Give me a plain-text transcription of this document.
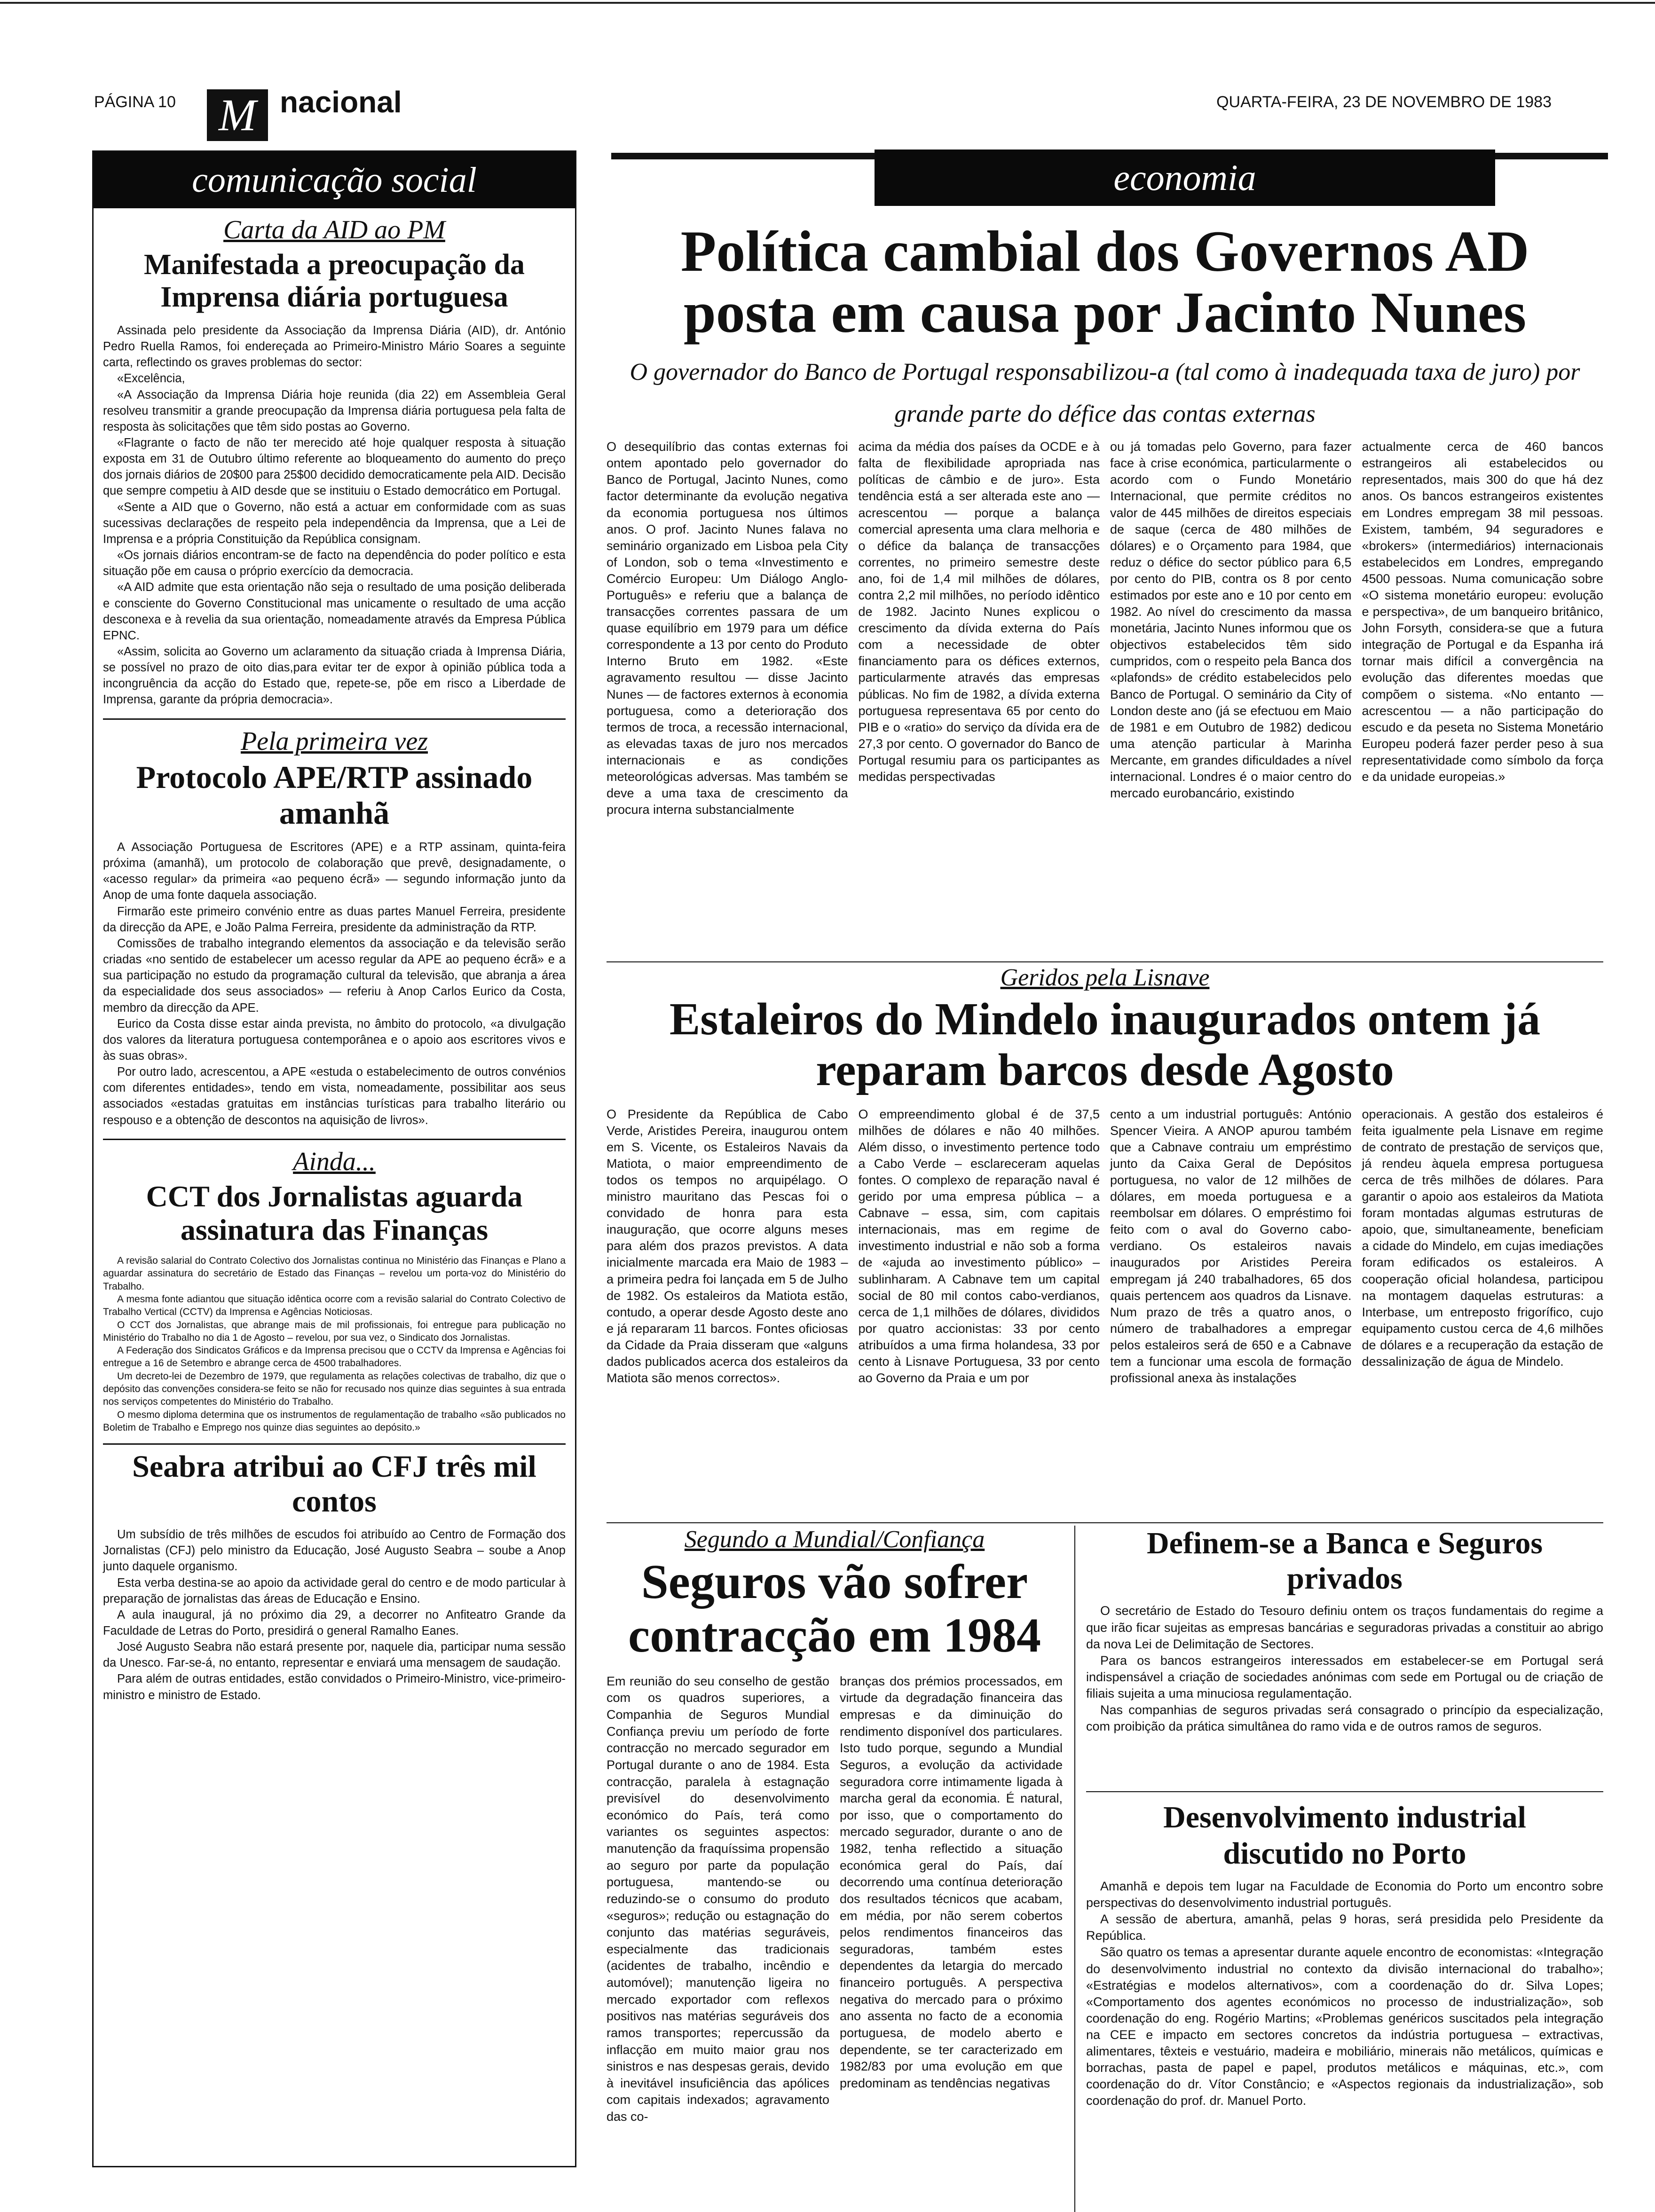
PÁGINA 10 M nacional	QUARTA-FEIRA, 23 DE NOVEMBRO DE 1983
comunicação social
Carta da AID ao PM
Manifestada a preocupação da Imprensa diária portuguesa

Assinada pelo presidente da Associação da Imprensa Diária (AID), dr. António Pedro Ruella Ramos, foi endereçada ao Primeiro-Ministro Mário Soares a seguinte carta, reflectindo os graves problemas do sector:

«Excelência,

«A Associação da Imprensa Diária hoje reunida (dia 22) em Assembleia Geral resolveu transmitir a grande preocupação da Imprensa diária portuguesa pela falta de resposta às solicitações que têm sido postas ao Governo.

«Flagrante o facto de não ter merecido até hoje qualquer resposta à situação exposta em 31 de Outubro último referente ao bloqueamento do aumento do preço dos jornais diários de 20$00 para 25$00 decidido democraticamente pela AID. Decisão que sempre competiu à AID desde que se instituiu o Estado democrático em Portugal.

«Sente a AID que o Governo, não está a actuar em conformidade com as suas sucessivas declarações de respeito pela independência da Imprensa, que a Lei de Imprensa e a própria Constituição da República consignam.

«Os jornais diários encontram-se de facto na dependência do poder político e esta situação põe em causa o próprio exercício da democracia.

«A AID admite que esta orientação não seja o resultado de uma posição deliberada e consciente do Governo Constitucional mas unicamente o resultado de uma acção desconexa e à revelia da sua orientação, nomeadamente através da Empresa Pública EPNC.

«Assim, solicita ao Governo um aclaramento da situação criada à Imprensa Diária, se possível no prazo de oito dias,para evitar ter de expor à opinião pública toda a incongruência da acção do Estado que, repete-se, põe em risco a Liberdade de Imprensa, garante da própria democracia».

Pela primeira vez
Protocolo APE/RTP assinado amanhã

A Associação Portuguesa de Escritores (APE) e a RTP assinam, quinta-feira próxima (amanhã), um protocolo de colaboração que prevê, designadamente, o «acesso regular» da primeira «ao pequeno écrã» — segundo informação junto da Anop de uma fonte daquela associação.

Firmarão este primeiro convénio entre as duas partes Manuel Ferreira, presidente da direcção da APE, e João Palma Ferreira, presidente da administração da RTP.

Comissões de trabalho integrando elementos da associação e da televisão serão criadas «no sentido de estabelecer um acesso regular da APE ao pequeno écrã» e a sua participação no estudo da programação cultural da televisão, que abranja a área da especialidade dos seus associados» — referiu à Anop Carlos Eurico da Costa, membro da direcção da APE.

Eurico da Costa disse estar ainda prevista, no âmbito do protocolo, «a divulgação dos valores da literatura portuguesa contemporânea e o apoio aos escritores vivos e às suas obras».

Por outro lado, acrescentou, a APE «estuda o estabelecimento de outros convénios com diferentes entidades», tendo em vista, nomeadamente, possibilitar aos seus associados «estadas gratuitas em instâncias turísticas para trabalho literário ou respouso e a obtenção de descontos na aquisição de livros».

Ainda...
CCT dos Jornalistas aguarda assinatura das Finanças

A revisão salarial do Contrato Colectivo dos Jornalistas continua no Ministério das Finanças e Plano a aguardar assinatura do secretário de Estado das Finanças – revelou um porta-voz do Ministério do Trabalho.

A mesma fonte adiantou que situação idêntica ocorre com a revisão salarial do Contrato Colectivo de Trabalho Vertical (CCTV) da Imprensa e Agências Noticiosas.

O CCT dos Jornalistas, que abrange mais de mil profissionais, foi entregue para publicação no Ministério do Trabalho no dia 1 de Agosto – revelou, por sua vez, o Sindicato dos Jornalistas.

A Federação dos Sindicatos Gráficos e da Imprensa precisou que o CCTV da Imprensa e Agências foi entregue a 16 de Setembro e abrange cerca de 4500 trabalhadores.

Um decreto-lei de Dezembro de 1979, que regulamenta as relações colectivas de trabalho, diz que o depósito das convenções considera-se feito se não for recusado nos quinze dias seguintes à sua entrada nos serviços competentes do Ministério do Trabalho.

O mesmo diploma determina que os instrumentos de regulamentação de trabalho «são publicados no Boletim de Trabalho e Emprego nos quinze dias seguintes ao depósito.»

Seabra atribui ao CFJ três mil contos

Um subsídio de três milhões de escudos foi atribuído ao Centro de Formação dos Jornalistas (CFJ) pelo ministro da Educação, José Augusto Seabra – soube a Anop junto daquele organismo.

Esta verba destina-se ao apoio da actividade geral do centro e de modo particular à preparação de jornalistas das áreas de Educação e Ensino.

A aula inaugural, já no próximo dia 29, a decorrer no Anfiteatro Grande da Faculdade de Letras do Porto, presidirá o general Ramalho Eanes.

José Augusto Seabra não estará presente por, naquele dia, participar numa sessão da Unesco. Far-se-á, no entanto, representar e enviará uma mensagem de saudação.

Para além de outras entidades, estão convidados o Primeiro-Ministro, vice-primeiro-ministro e ministro de Estado.

economia
Política cambial dos Governos AD posta em causa por Jacinto Nunes
O governador do Banco de Portugal responsabilizou-a (tal como à inadequada taxa de juro) por grande parte do défice das contas externas
O desequilíbrio das contas externas foi ontem apontado pelo governador do Banco de Portugal, Jacinto Nunes, como factor determinante da evolução negativa da economia portuguesa nos últimos anos. O prof. Jacinto Nunes falava no seminário organizado em Lisboa pela City of London, sob o tema «Investimento e Comércio Europeu: Um Diálogo Anglo-Português» e referiu que a balança de transacções correntes passara de um quase equilíbrio em 1979 para um défice correspondente a 13 por cento do Produto Interno Bruto em 1982. «Este agravamento resultou — disse Jacinto Nunes — de factores externos à economia portuguesa, como a deterioração dos termos de troca, a recessão internacional, as elevadas taxas de juro nos mercados internacionais e as condições meteorológicas adversas. Mas também se deve a uma taxa de crescimento da procura interna substancialmente
acima da média dos países da OCDE e à falta de flexibilidade apropriada nas políticas de câmbio e de juro». Esta tendência está a ser alterada este ano — acrescentou — porque a balança comercial apresenta uma clara melhoria e o défice da balança de transacções correntes, no primeiro semestre deste ano, foi de 1,4 mil milhões de dólares, contra 2,2 mil milhões, no período idêntico de 1982. Jacinto Nunes explicou o crescimento da dívida externa do País com a necessidade de obter financiamento para os défices externos, particularmente através das empresas públicas. No fim de 1982, a dívida externa portuguesa representava 65 por cento do PIB e o «ratio» do serviço da dívida era de 27,3 por cento. O governador do Banco de Portugal resumiu para os participantes as medidas perspectivadas
ou já tomadas pelo Governo, para fazer face à crise económica, particularmente o acordo com o Fundo Monetário Internacional, que permite créditos no valor de 445 milhões de direitos especiais de saque (cerca de 480 milhões de dólares) e o Orçamento para 1984, que reduz o défice do sector público para 6,5 por cento do PIB, contra os 8 por cento estimados por este ano e 10 por cento em 1982. Ao nível do crescimento da massa monetária, Jacinto Nunes informou que os objectivos estabelecidos têm sido cumpridos, com o respeito pela Banca dos «plafonds» de crédito estabelecidos pelo Banco de Portugal. O seminário da City of London deste ano (já se efectuou em Maio de 1981 e em Outubro de 1982) dedicou uma atenção particular à Marinha Mercante, em grandes dificuldades a nível internacional. Londres é o maior centro do mercado eurobancário, existindo
actualmente cerca de 460 bancos estrangeiros ali estabelecidos ou representados, mais 300 do que há dez anos. Os bancos estrangeiros existentes em Londres empregam 38 mil pessoas. Existem, também, 94 seguradores e «brokers» (intermediários) internacionais estabelecidos em Londres, empregando 4500 pessoas. Numa comunicação sobre «O sistema monetário europeu: evolução e perspectiva», de um banqueiro britânico, John Forsyth, considera-se que a futura integração de Portugal e da Espanha irá tornar mais difícil a convergência na evolução das diferentes moedas que compõem o sistema. «No entanto — acrescentou — a não participação do escudo e da peseta no Sistema Monetário Europeu poderá fazer perder peso à sua representatividade como símbolo da força e da unidade europeias.»
Geridos pela Lisnave
Estaleiros do Mindelo inaugurados ontem já reparam barcos desde Agosto
O Presidente da República de Cabo Verde, Aristides Pereira, inaugurou ontem em S. Vicente, os Estaleiros Navais da Matiota, o maior empreendimento de todos os tempos no arquipélago. O ministro mauritano das Pescas foi o convidado de honra para esta inauguração, que ocorre alguns meses para além dos prazos previstos. A data inicialmente marcada era Maio de 1983 – a primeira pedra foi lançada em 5 de Julho de 1982. Os estaleiros da Matiota estão, contudo, a operar desde Agosto deste ano e já repararam 11 barcos. Fontes oficiosas da Cidade da Praia disseram que «alguns dados publicados acerca dos estaleiros da Matiota são menos correctos».
O empreendimento global é de 37,5 milhões de dólares e não 40 milhões. Além disso, o investimento pertence todo a Cabo Verde – esclareceram aquelas fontes. O complexo de reparação naval é gerido por uma empresa pública – a Cabnave – essa, sim, com capitais internacionais, mas em regime de investimento industrial e não sob a forma de «ajuda ao investimento público» – sublinharam. A Cabnave tem um capital social de 80 mil contos cabo-verdianos, cerca de 1,1 milhões de dólares, divididos por quatro accionistas: 33 por cento atribuídos a uma firma holandesa, 33 por cento à Lisnave Portuguesa, 33 por cento ao Governo da Praia e um por
cento a um industrial português: António Spencer Vieira. A ANOP apurou também que a Cabnave contraiu um empréstimo junto da Caixa Geral de Depósitos portuguesa, no valor de 12 milhões de dólares, em moeda portuguesa e a reembolsar em dólares. O empréstimo foi feito com o aval do Governo cabo-verdiano. Os estaleiros navais inaugurados por Aristides Pereira empregam já 240 trabalhadores, 65 dos quais pertencem aos quadros da Lisnave. Num prazo de três a quatro anos, o número de trabalhadores a empregar pelos estaleiros será de 650 e a Cabnave tem a funcionar uma escola de formação profissional anexa às instalações
operacionais. A gestão dos estaleiros é feita igualmente pela Lisnave em regime de contrato de prestação de serviços que, já rendeu àquela empresa portuguesa cerca de três milhões de dólares. Para garantir o apoio aos estaleiros da Matiota foram montadas algumas estruturas de apoio, que, simultaneamente, beneficiam a cidade do Mindelo, em cujas imediações foram edificados os estaleiros. A cooperação oficial holandesa, participou na montagem daquelas estruturas: a Interbase, um entreposto frigorífico, cujo equipamento custou cerca de 4,6 milhões de dólares e a recuperação da estação de dessalinização de água de Mindelo.
Segundo a Mundial/Confiança
Seguros vão sofrer contracção em 1984
Em reunião do seu conselho de gestão com os quadros superiores, a Companhia de Seguros Mundial Confiança previu um período de forte contracção no mercado segurador em Portugal durante o ano de 1984. Esta contracção, paralela à estagnação previsível do desenvolvimento económico do País, terá como variantes os seguintes aspectos: manutenção da fraquíssima propensão ao seguro por parte da população portuguesa, mantendo-se ou reduzindo-se o consumo do produto «seguros»; redução ou estagnação do conjunto das matérias seguráveis, especialmente das tradicionais (acidentes de trabalho, incêndio e automóvel); manutenção ligeira no mercado exportador com reflexos positivos nas matérias seguráveis dos ramos transportes; repercussão da inflacção em muito maior grau nos sinistros e nas despesas gerais, devido à inevitável insuficiência das apólices com capitais indexados; agravamento das co-
branças dos prémios processados, em virtude da degradação financeira das empresas e da diminuição do rendimento disponível dos particulares. Isto tudo porque, segundo a Mundial Seguros, a evolução da actividade seguradora corre intimamente ligada à marcha geral da economia. É natural, por isso, que o comportamento do mercado segurador, durante o ano de 1982, tenha reflectido a situação económica geral do País, daí decorrendo uma contínua deterioração dos resultados técnicos que acabam, em média, por não serem cobertos pelos rendimentos financeiros das seguradoras, também estes dependentes da letargia do mercado financeiro português. A perspectiva negativa do mercado para o próximo ano assenta no facto de a economia portuguesa, de modelo aberto e dependente, se ter caracterizado em 1982/83 por uma evolução em que predominam as tendências negativas
Definem-se a Banca e Seguros privados

O secretário de Estado do Tesouro definiu ontem os traços fundamentais do regime a que irão ficar sujeitas as empresas bancárias e seguradoras privadas a constituir ao abrigo da nova Lei de Delimitação de Sectores.

Para os bancos estrangeiros interessados em estabelecer-se em Portugal será indispensável a criação de sociedades anónimas com sede em Portugal ou de criação de filiais sujeita a uma minuciosa regulamentação.

Nas companhias de seguros privadas será consagrado o princípio da especialização, com proibição da prática simultânea do ramo vida e de outros ramos de seguros.

Desenvolvimento industrial discutido no Porto

Amanhã e depois tem lugar na Faculdade de Economia do Porto um encontro sobre perspectivas do desenvolvimento industrial português.

A sessão de abertura, amanhã, pelas 9 horas, será presidida pelo Presidente da República.

São quatro os temas a apresentar durante aquele encontro de economistas: «Integração do desenvolvimento industrial no contexto da divisão internacional do trabalho»; «Estratégias e modelos alternativos», com a coordenação do dr. Silva Lopes; «Comportamento dos agentes económicos no processo de industrialização», sob coordenação do eng. Rogério Martins; «Problemas genéricos suscitados pela integração na CEE e impacto em sectores concretos da indústria portuguesa – extractivas, alimentares, têxteis e vestuário, madeira e mobiliário, minerais não metálicos, químicas e borrachas, pasta de papel e papel, produtos metálicos e máquinas, etc.», com coordenação do dr. Vítor Constâncio; e «Aspectos regionais da industrialização», sob coordenação do prof. dr. Manuel Porto.
